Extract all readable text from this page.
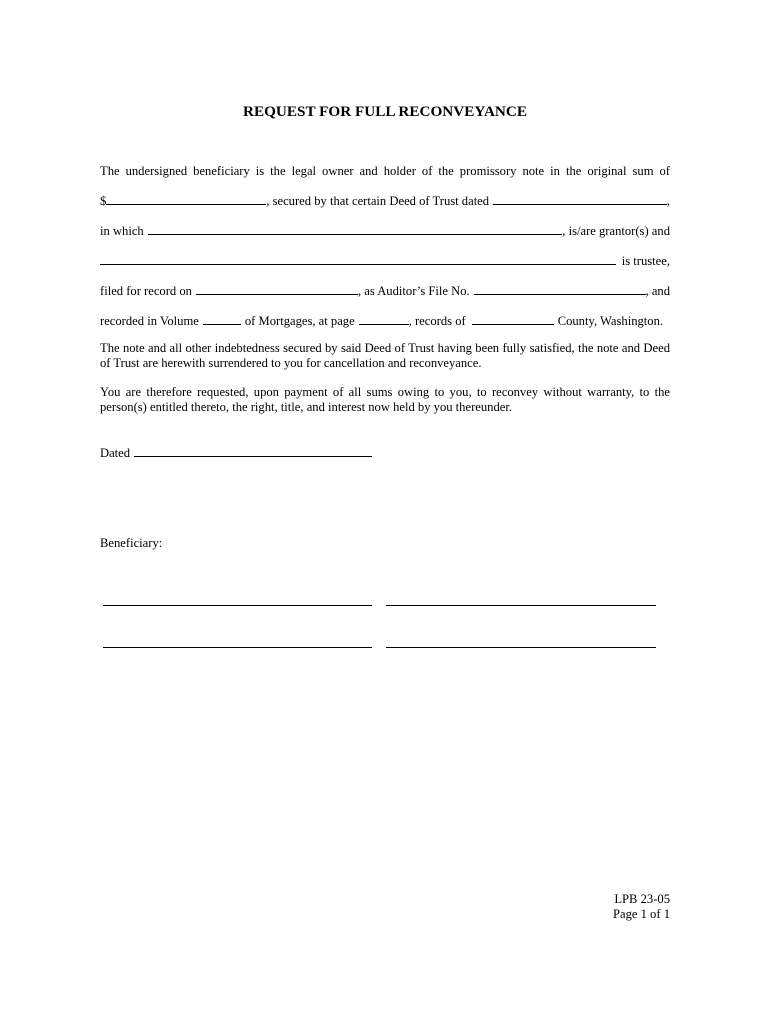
REQUEST FOR FULL RECONVEYANCE
The undersigned beneficiary is the legal owner and holder of the promissory note in the original sum of
$	, secured by that certain Deed of Trust dated	,
in which	, is/are grantor(s) and
is trustee,
filed for record on	, as Auditor’s File No.	, and
recorded in Volume	of Mortgages, at page	, records of	County, Washington.
The note and all other indebtedness secured by said Deed of Trust having been fully satisfied, the note and Deed of Trust are herewith surrendered to you for cancellation and reconveyance.
You are therefore requested, upon payment of all sums owing to you, to reconvey without warranty, to the person(s) entitled thereto, the right, title, and interest now held by you thereunder.
Dated
Beneficiary:
LPB 23-05
Page 1 of 1
